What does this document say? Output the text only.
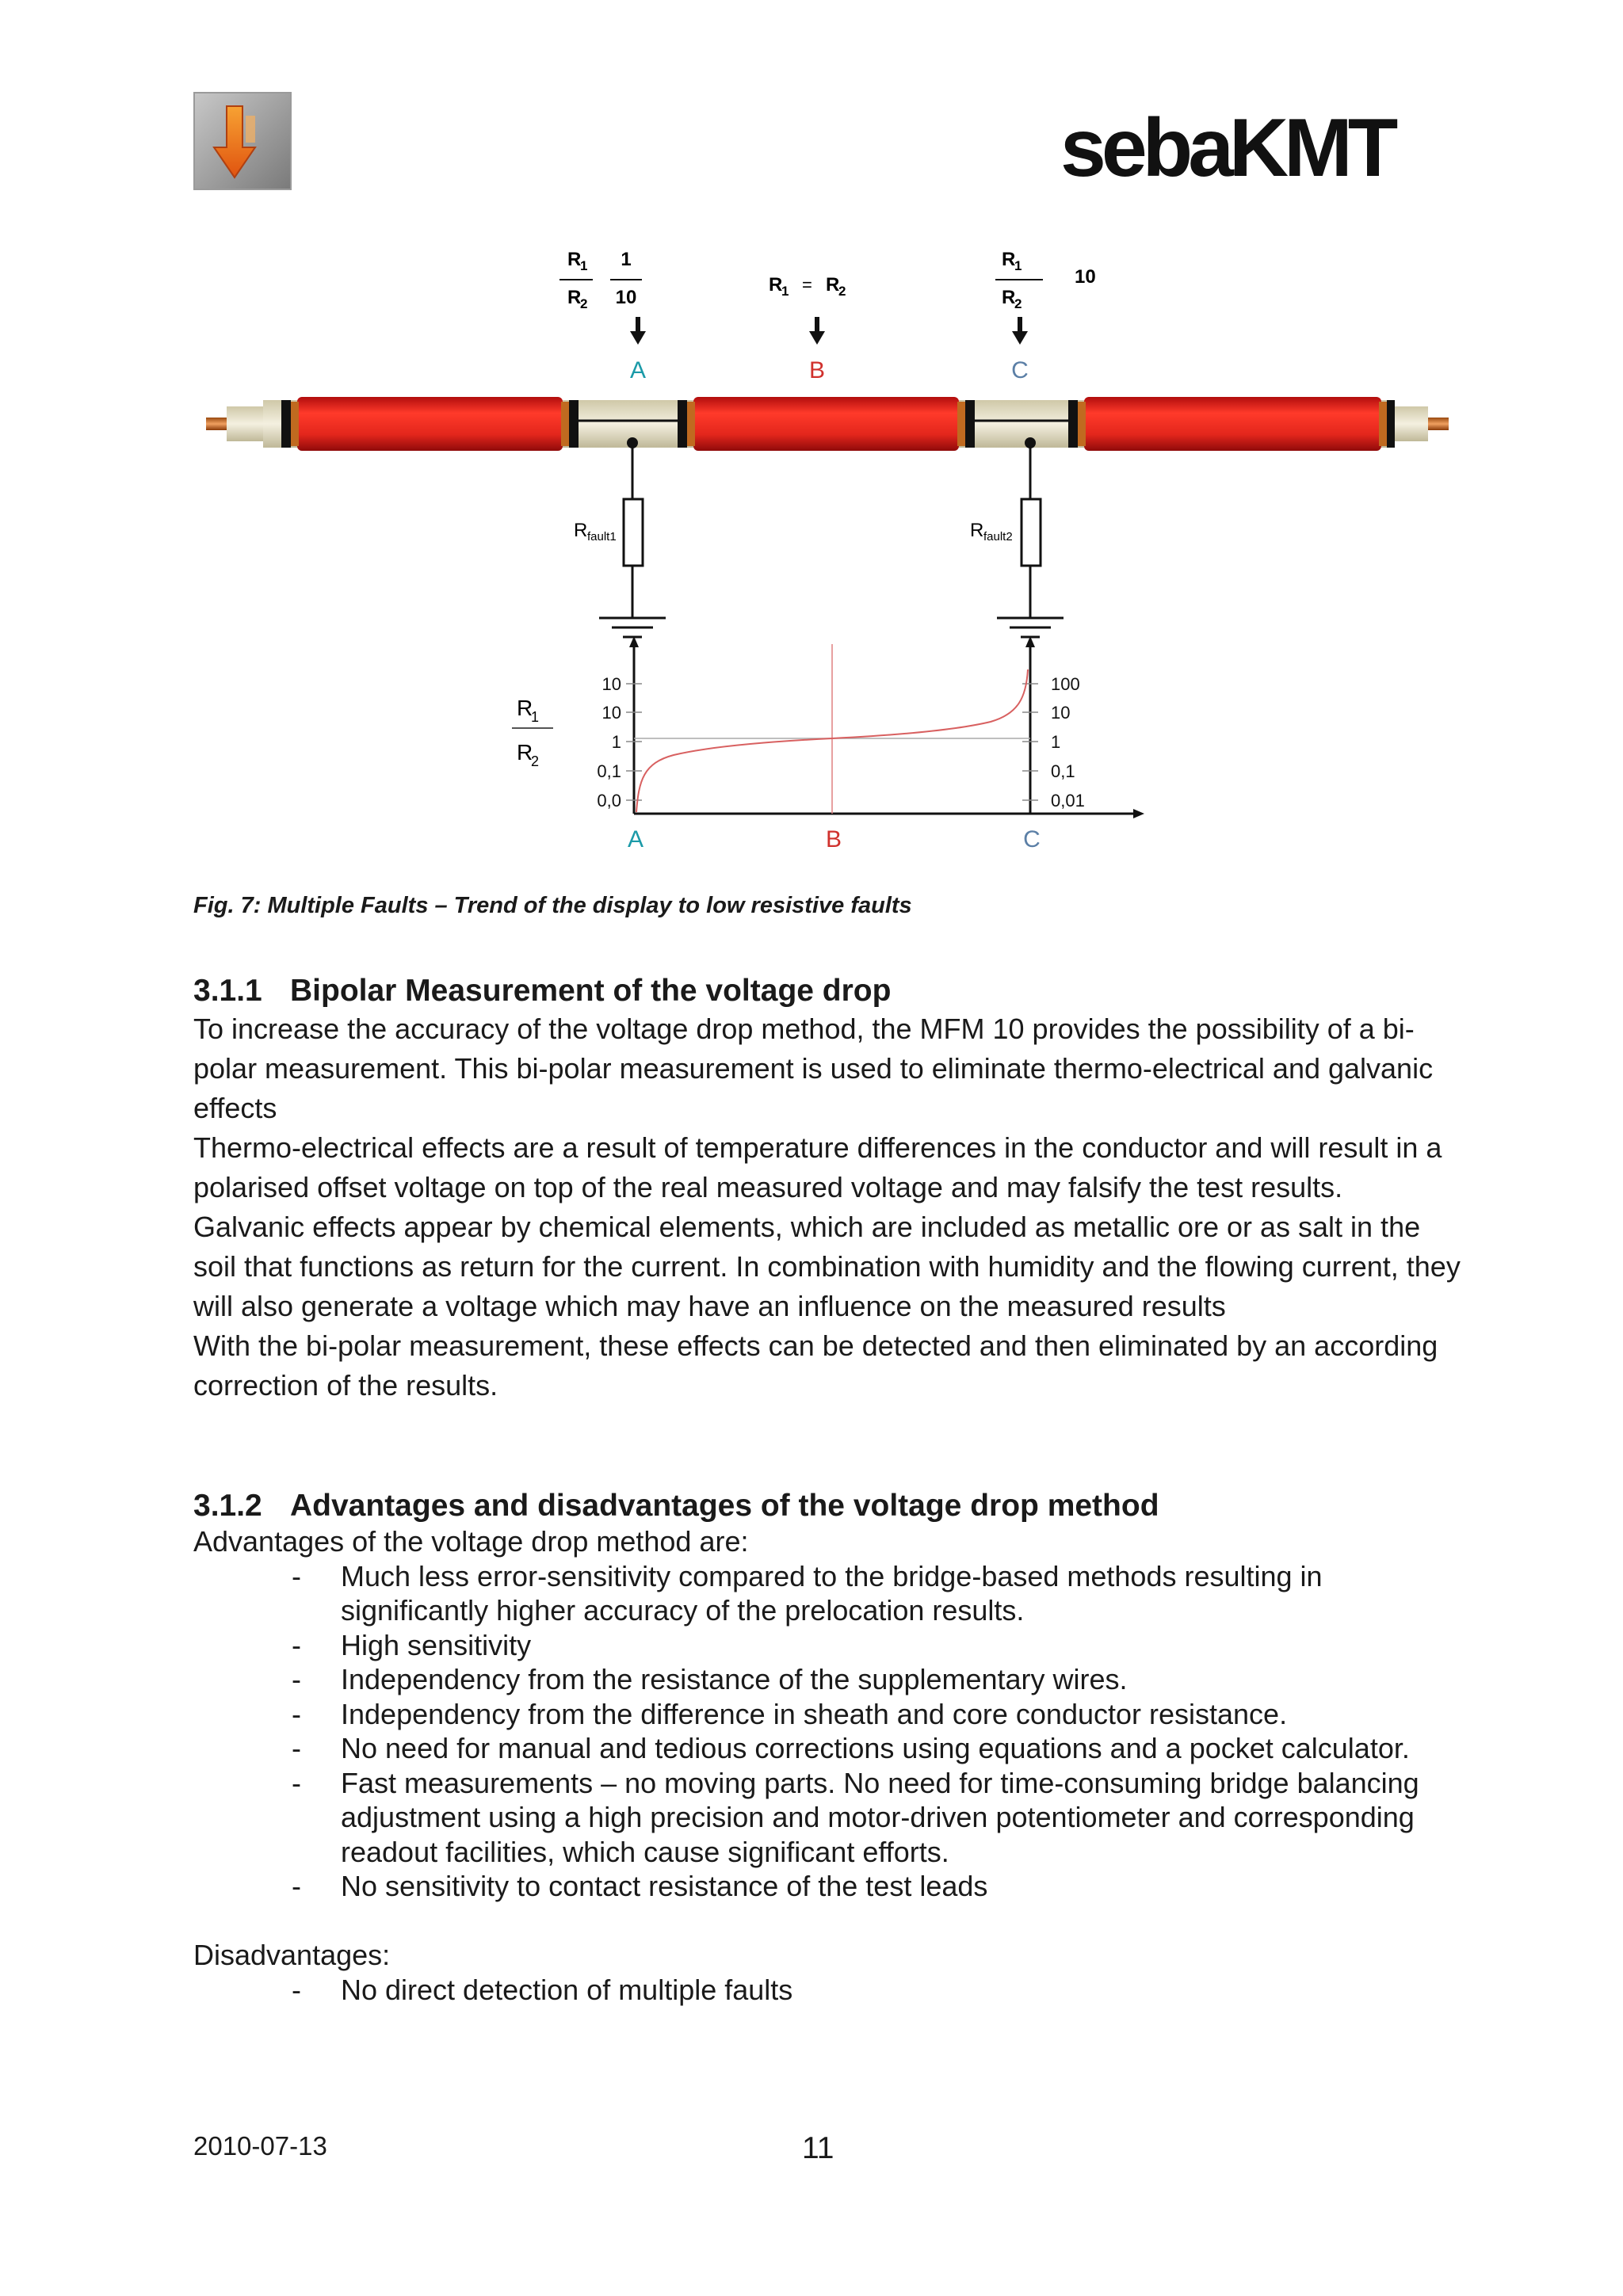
sebaKMT
R
1
R
2
1
10
R
1 = R
2
R
1
R
2
10
A	B	C
R fault1	R fault2
R
1
R
2
10
10
1
0,1
0,0
100
10
1
0,1
0,01
A	B	C
Fig. 7: Multiple Faults – Trend of the display to low resistive faults
3.1.1 Bipolar Measurement of the voltage drop

To increase the accuracy of the voltage drop method, the MFM 10 provides the possibility of a bi-polar measurement. This bi-polar measurement is used to eliminate thermo-electrical and galvanic effects

Thermo-electrical effects are a result of temperature differences in the conductor and will result in a polarised offset voltage on top of the real measured voltage and may falsify the test results. Galvanic effects appear by chemical elements, which are included as metallic ore or as salt in the soil that functions as return for the current. In combination with humidity and the flowing current, they will also generate a voltage which may have an influence on the measured results

With the bi-polar measurement, these effects can be detected and then eliminated by an according correction of the results.

3.1.2 Advantages and disadvantages of the voltage drop method

Advantages of the voltage drop method are:

- Much less error-sensitivity compared to the bridge-based methods resulting in significantly higher accuracy of the prelocation results.
- High sensitivity
- Independency from the resistance of the supplementary wires.
- Independency from the difference in sheath and core conductor resistance.
- No need for manual and tedious corrections using equations and a pocket calculator.
- Fast measurements – no moving parts. No need for time-consuming bridge balancing adjustment using a high precision and motor-driven potentiometer and corresponding readout facilities, which cause significant efforts.
- No sensitivity to contact resistance of the test leads

Disadvantages:

- No direct detection of multiple faults
2010-07-13	11
